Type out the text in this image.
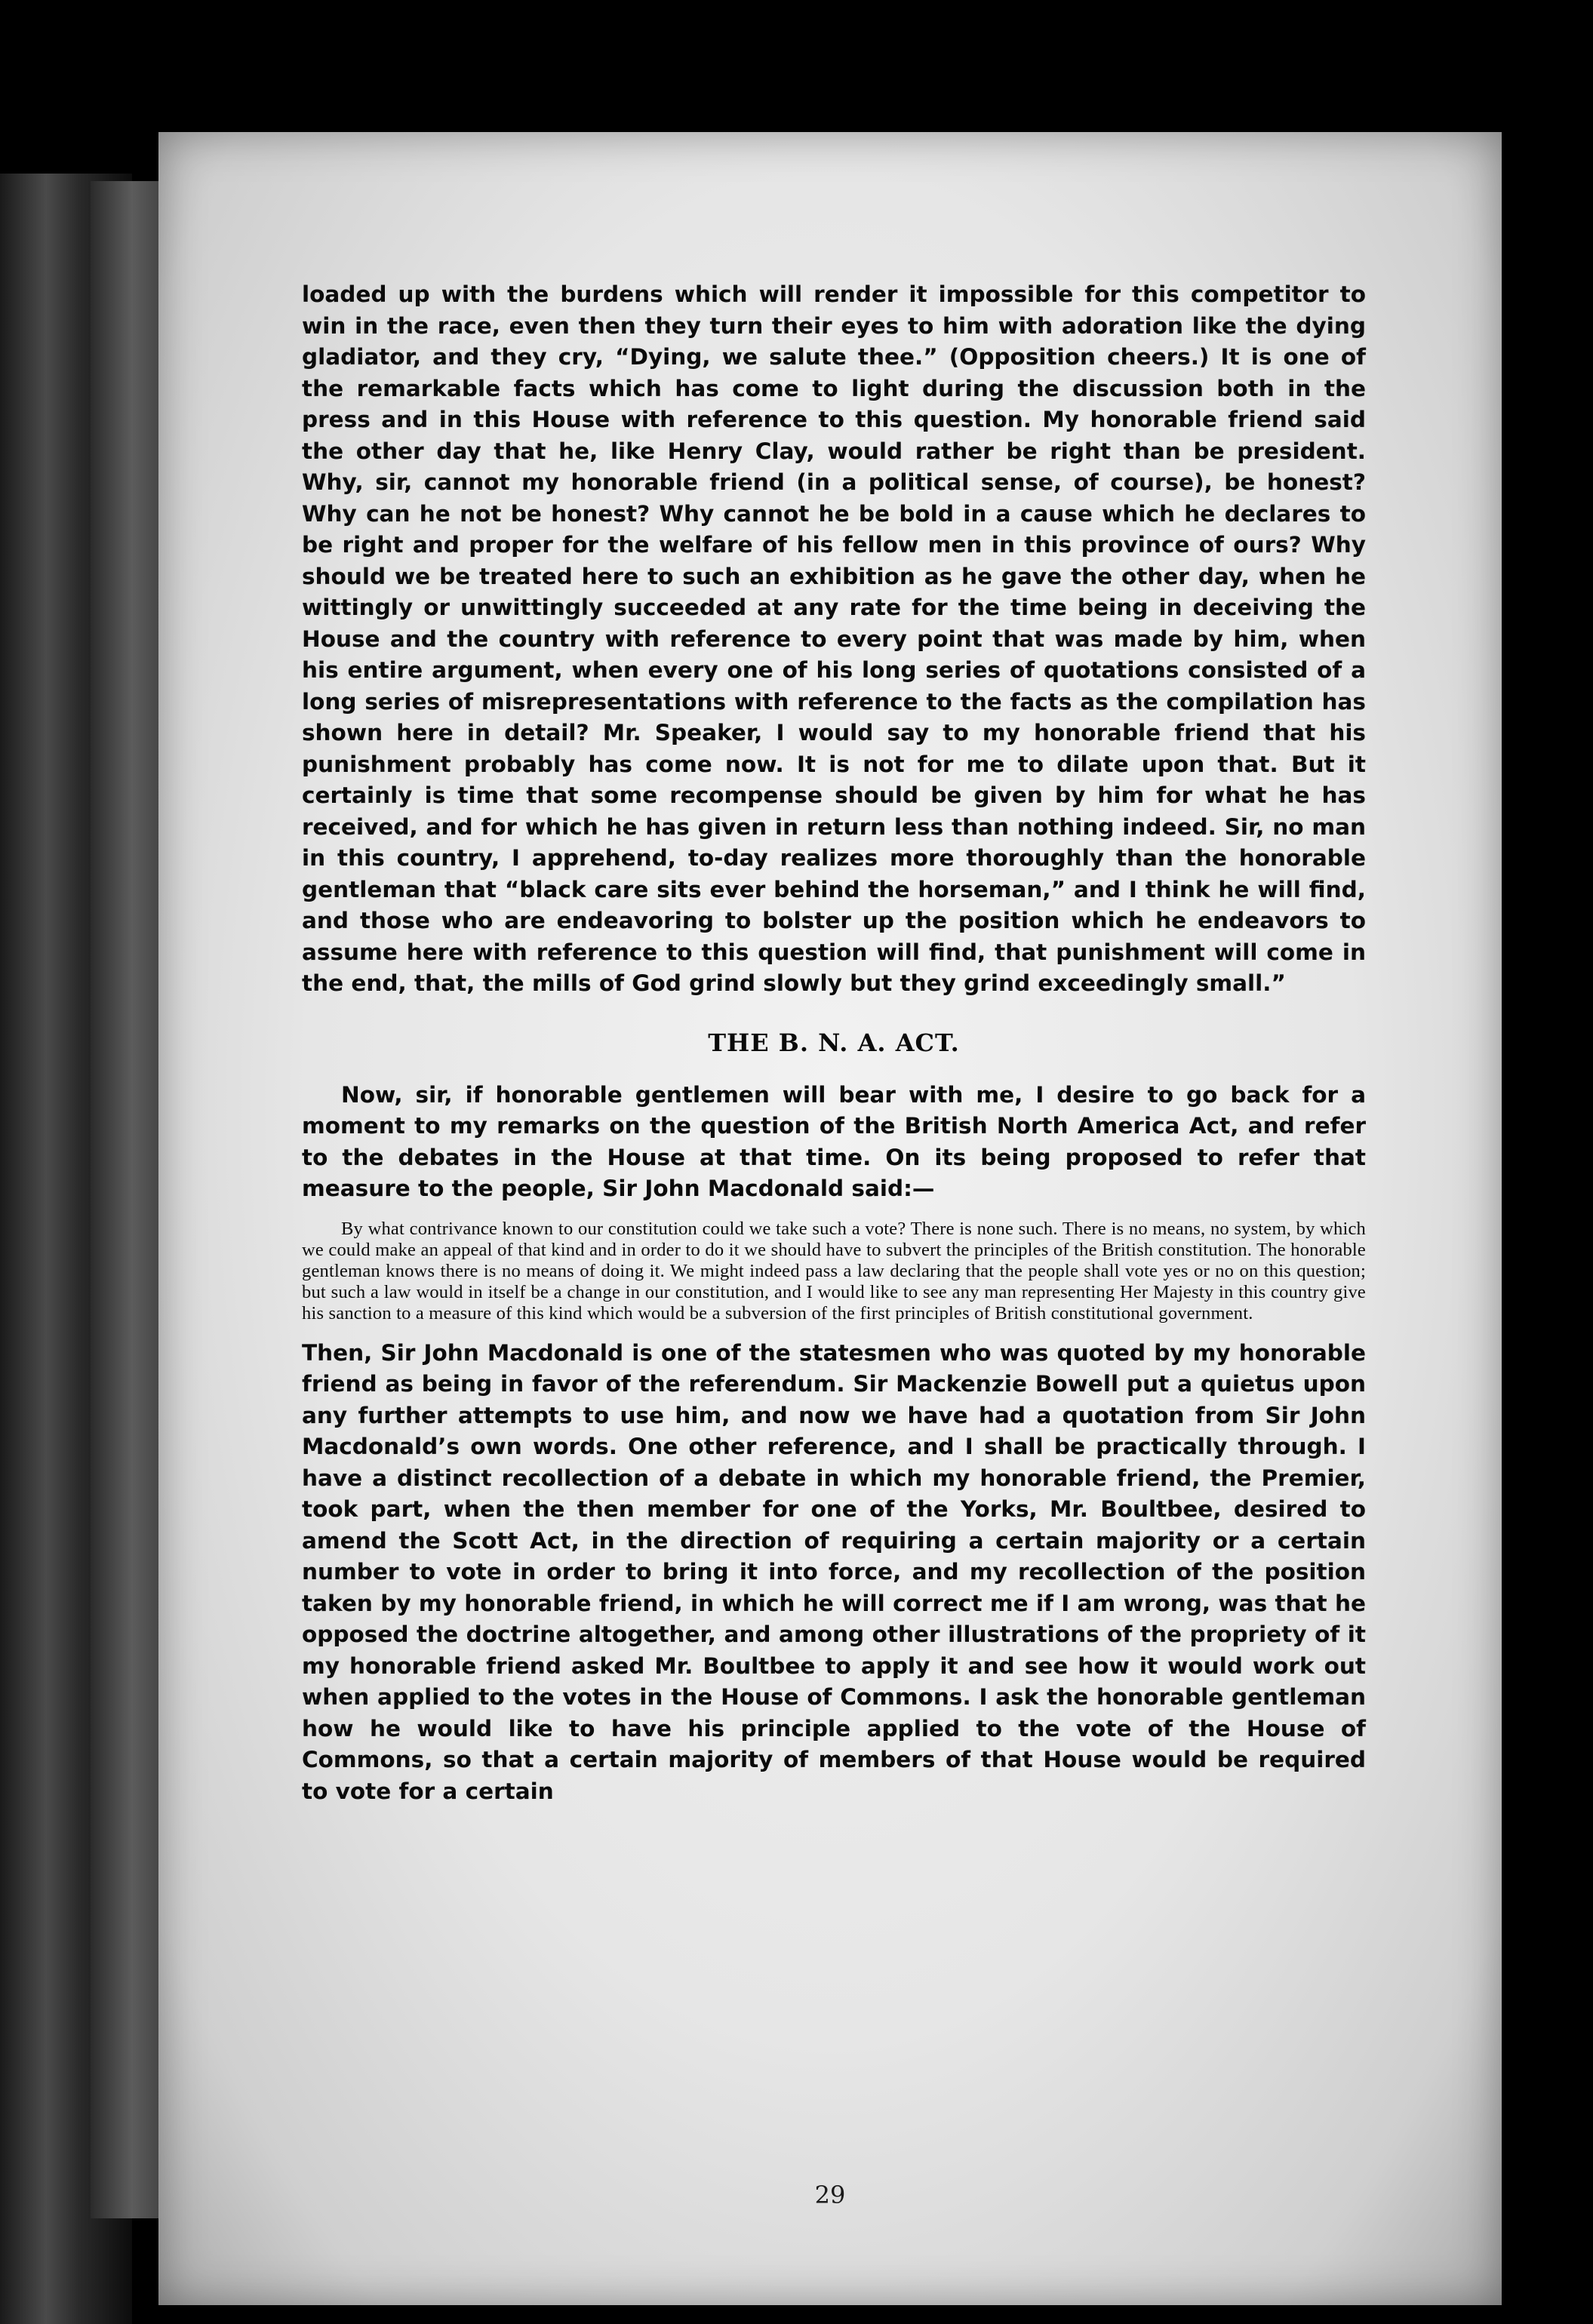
loaded up with the burdens which will render it impossible for this competitor to win in the race, even then they turn their eyes to him with adoration like the dying gladiator, and they cry, “Dying, we salute thee.” (Opposition cheers.) It is one of the remarkable facts which has come to light during the discussion both in the press and in this House with reference to this question. My honorable friend said the other day that he, like Henry Clay, would rather be right than be president. Why, sir, cannot my honorable friend (in a political sense, of course), be honest? Why can he not be honest? Why cannot he be bold in a cause which he declares to be right and proper for the welfare of his fellow men in this province of ours? Why should we be treated here to such an exhibition as he gave the other day, when he wittingly or unwittingly succeeded at any rate for the time being in deceiving the House and the country with reference to every point that was made by him, when his entire argument, when every one of his long series of quotations consisted of a long series of misrepresentations with reference to the facts as the compilation has shown here in detail? Mr. Speaker, I would say to my honorable friend that his punishment probably has come now. It is not for me to dilate upon that. But it certainly is time that some recompense should be given by him for what he has received, and for which he has given in return less than nothing indeed. Sir, no man in this country, I apprehend, to-day realizes more thoroughly than the honorable gentleman that “black care sits ever behind the horseman,” and I think he will find, and those who are endeavoring to bolster up the position which he endeavors to assume here with reference to this question will find, that punishment will come in the end, that, the mills of God grind slowly but they grind exceedingly small.”

THE B. N. A. ACT.

Now, sir, if honorable gentlemen will bear with me, I desire to go back for a moment to my remarks on the question of the British North America Act, and refer to the debates in the House at that time. On its being proposed to refer that measure to the people, Sir John Macdonald said:—

By what contrivance known to our constitution could we take such a vote? There is none such. There is no means, no system, by which we could make an appeal of that kind and in order to do it we should have to subvert the principles of the British constitution. The honorable gentleman knows there is no means of doing it. We might indeed pass a law declaring that the people shall vote yes or no on this question; but such a law would in itself be a change in our constitution, and I would like to see any man representing Her Majesty in this country give his sanction to a measure of this kind which would be a subversion of the first principles of British constitutional government.

Then, Sir John Macdonald is one of the statesmen who was quoted by my honorable friend as being in favor of the referendum. Sir Mackenzie Bowell put a quietus upon any further attempts to use him, and now we have had a quotation from Sir John Macdonald’s own words. One other reference, and I shall be practically through. I have a distinct recollection of a debate in which my honorable friend, the Premier, took part, when the then member for one of the Yorks, Mr. Boultbee, desired to amend the Scott Act, in the direction of requiring a certain majority or a certain number to vote in order to bring it into force, and my recollection of the position taken by my honorable friend, in which he will correct me if I am wrong, was that he opposed the doctrine altogether, and among other illustrations of the propriety of it my honorable friend asked Mr. Boultbee to apply it and see how it would work out when applied to the votes in the House of Commons. I ask the honorable gentleman how he would like to have his principle applied to the vote of the House of Commons, so that a certain majority of members of that House would be required to vote for a certain

29
